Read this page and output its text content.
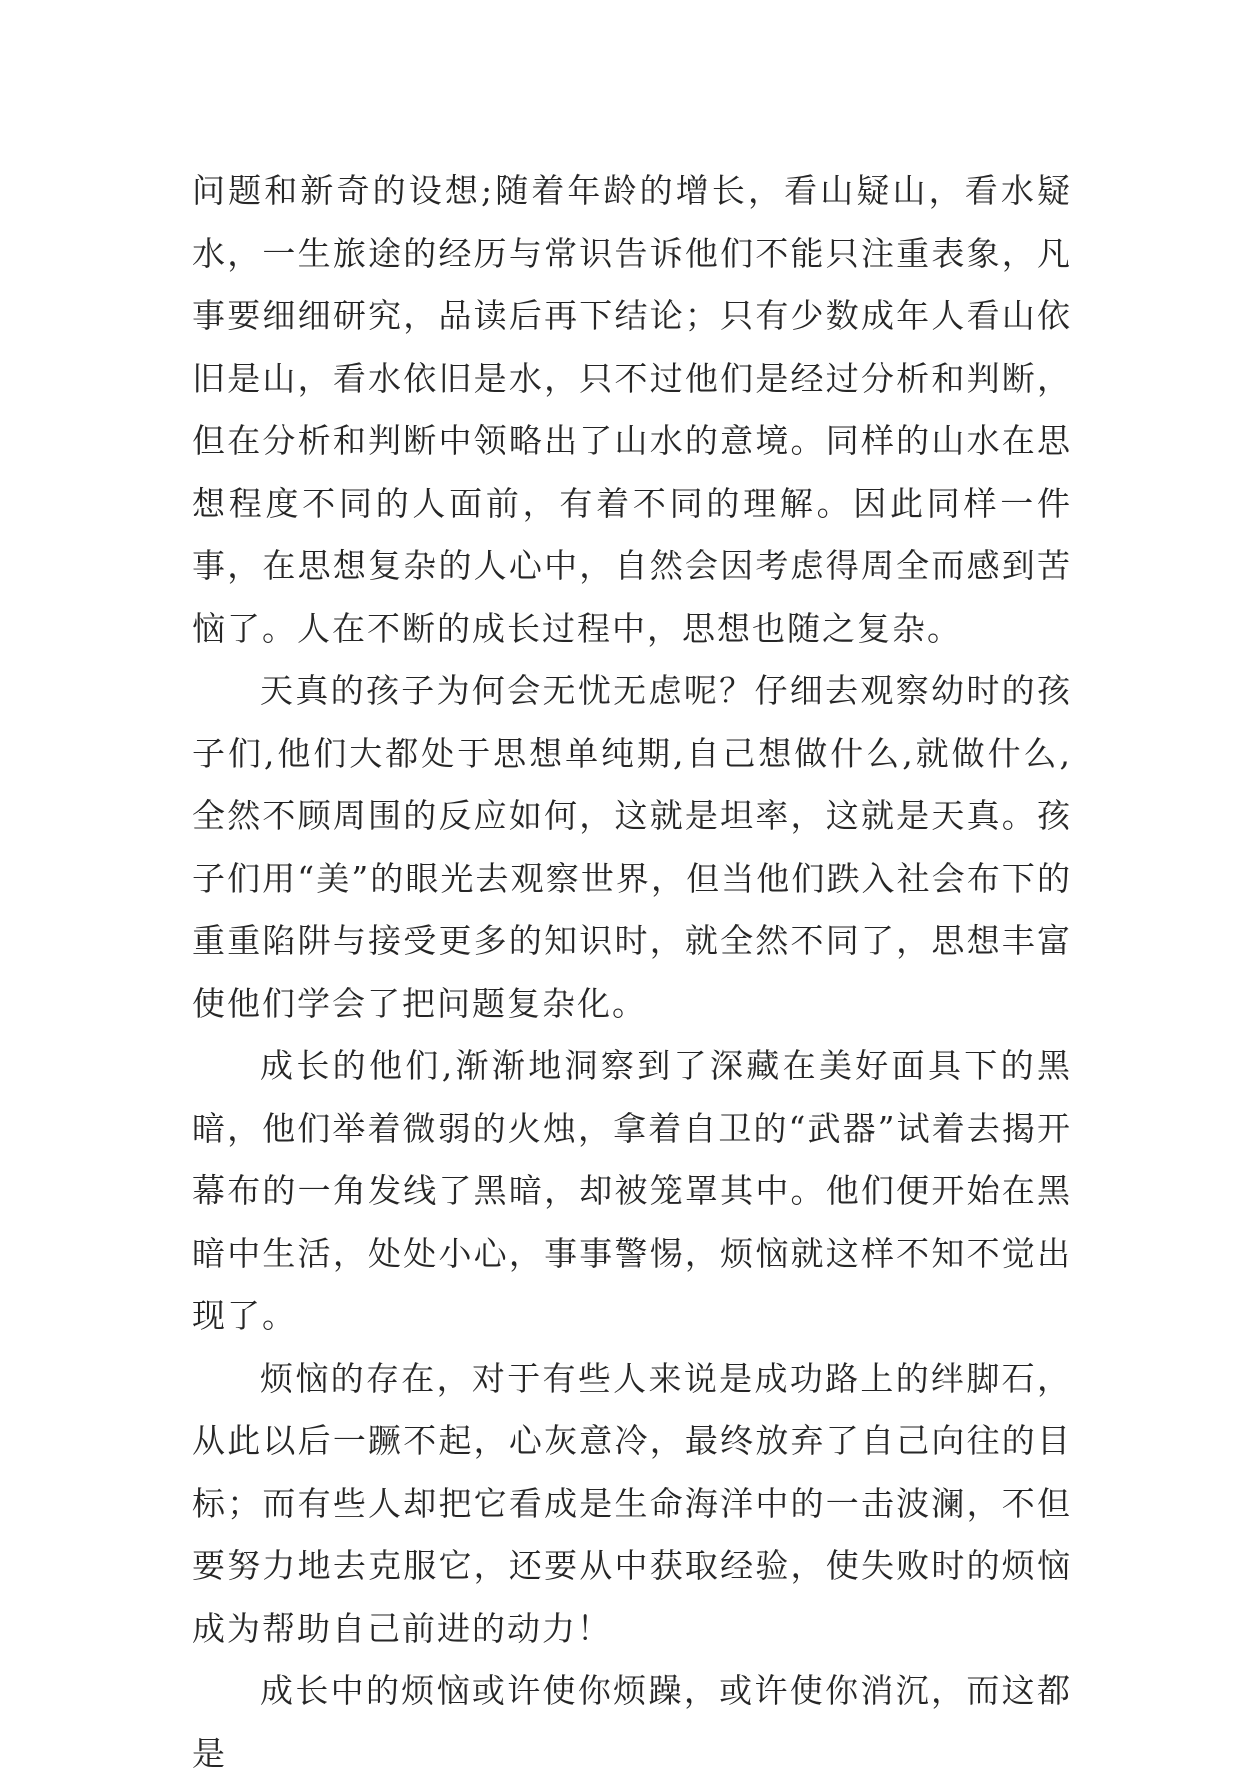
问题和新奇的设想;随着年龄的增长，看山疑山，看水疑水，一生旅途的经历与常识告诉他们不能只注重表象，凡事要细细研究，品读后再下结论；只有少数成年人看山依旧是山，看水依旧是水，只不过他们是经过分析和判断，但在分析和判断中领略出了山水的意境。同样的山水在思想程度不同的人面前，有着不同的理解。因此同样一件事，在思想复杂的人心中，自然会因考虑得周全而感到苦恼了。人在不断的成长过程中，思想也随之复杂。

天真的孩子为何会无忧无虑呢？仔细去观察幼时的孩子们,他们大都处于思想单纯期,自己想做什么,就做什么,全然不顾周围的反应如何，这就是坦率，这就是天真。孩子们用“美”的眼光去观察世界，但当他们跌入社会布下的重重陷阱与接受更多的知识时，就全然不同了，思想丰富使他们学会了把问题复杂化。

成长的他们,渐渐地洞察到了深藏在美好面具下的黑暗，他们举着微弱的火烛，拿着自卫的“武器”试着去揭开幕布的一角发线了黑暗，却被笼罩其中。他们便开始在黑暗中生活，处处小心，事事警惕，烦恼就这样不知不觉出现了。

烦恼的存在，对于有些人来说是成功路上的绊脚石，从此以后一蹶不起，心灰意冷，最终放弃了自己向往的目标；而有些人却把它看成是生命海洋中的一击波澜，不但要努力地去克服它，还要从中获取经验，使失败时的烦恼成为帮助自己前进的动力！

成长中的烦恼或许使你烦躁，或许使你消沉，而这都是
